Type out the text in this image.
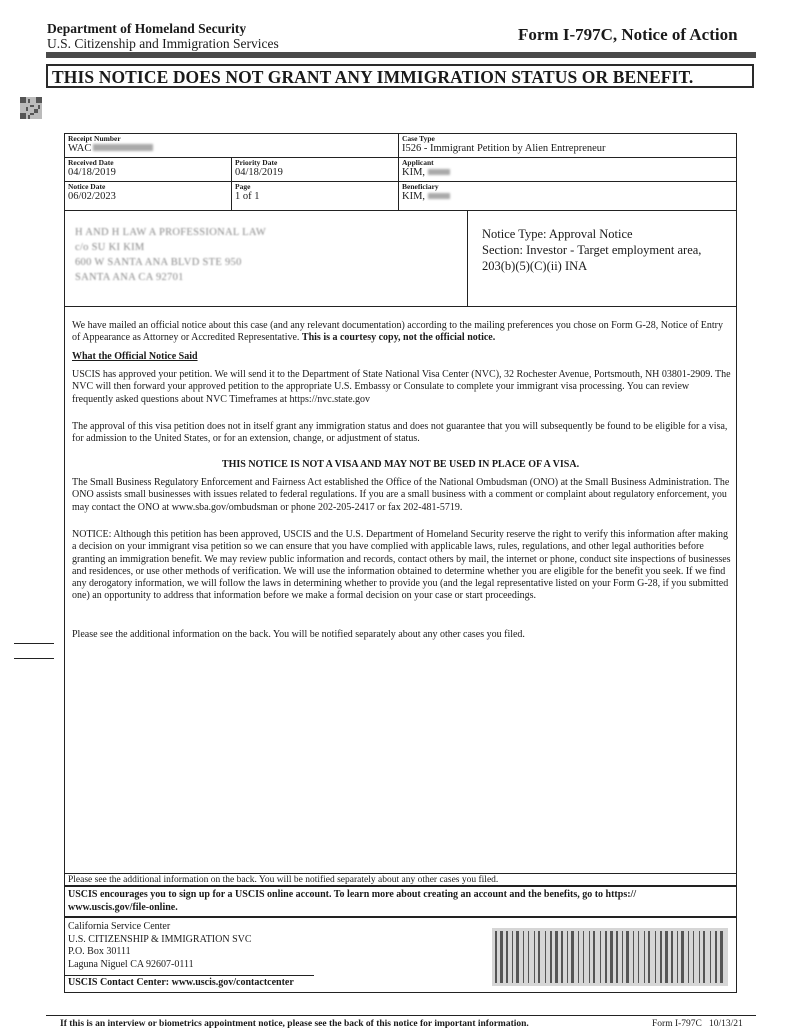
Department of Homeland Security
U.S. Citizenship and Immigration Services	Form I-797C, Notice of Action
THIS NOTICE DOES NOT GRANT ANY IMMIGRATION STATUS OR BENEFIT.
Receipt Number
WAC
Case Type
I526 - Immigrant Petition by Alien Entrepreneur
Received Date
04/18/2019
Priority Date
04/18/2019
Applicant
KIM,
Notice Date
06/02/2023
Page
1 of 1
Beneficiary
KIM,
H AND H LAW A PROFESSIONAL LAW
c/o SU KI KIM
600 W SANTA ANA BLVD STE 950
SANTA ANA CA 92701
Notice Type: Approval Notice
Section: Investor - Target employment area,
203(b)(5)(C)(ii) INA
We have mailed an official notice about this case (and any relevant documentation) according to the mailing preferences you chose on Form G-28, Notice of Entry of Appearance as Attorney or Accredited Representative. This is a courtesy copy, not the official notice.
What the Official Notice Said
USCIS has approved your petition. We will send it to the Department of State National Visa Center (NVC), 32 Rochester Avenue, Portsmouth, NH 03801-2909. The NVC will then forward your approved petition to the appropriate U.S. Embassy or Consulate to complete your immigrant visa processing. You can review frequently asked questions about NVC Timeframes at https://nvc.state.gov
The approval of this visa petition does not in itself grant any immigration status and does not guarantee that you will subsequently be found to be eligible for a visa, for admission to the United States, or for an extension, change, or adjustment of status.
THIS NOTICE IS NOT A VISA AND MAY NOT BE USED IN PLACE OF A VISA.
The Small Business Regulatory Enforcement and Fairness Act established the Office of the National Ombudsman (ONO) at the Small Business Administration. The ONO assists small businesses with issues related to federal regulations. If you are a small business with a comment or complaint about regulatory enforcement, you may contact the ONO at www.sba.gov/ombudsman or phone 202-205-2417 or fax 202-481-5719.
NOTICE: Although this petition has been approved, USCIS and the U.S. Department of Homeland Security reserve the right to verify this information after making a decision on your immigrant visa petition so we can ensure that you have complied with applicable laws, rules, regulations, and other legal authorities before granting an immigration benefit. We may review public information and records, contact others by mail, the internet or phone, conduct site inspections of businesses and residences, or use other methods of verification. We will use the information obtained to determine whether you are eligible for the benefit you seek. If we find any derogatory information, we will follow the laws in determining whether to provide you (and the legal representative listed on your Form G-28, if you submitted one) an opportunity to address that information before we make a formal decision on your case or start proceedings.
Please see the additional information on the back. You will be notified separately about any other cases you filed.
Please see the additional information on the back. You will be notified separately about any other cases you filed.
USCIS encourages you to sign up for a USCIS online account. To learn more about creating an account and the benefits, go to https:// www.uscis.gov/file-online.
California Service Center
U.S. CITIZENSHIP & IMMIGRATION SVC
P.O. Box 30111
Laguna Niguel CA 92607-0111
USCIS Contact Center: www.uscis.gov/contactcenter
If this is an interview or biometrics appointment notice, please see the back of this notice for important information.	Form I-797C   10/13/21
